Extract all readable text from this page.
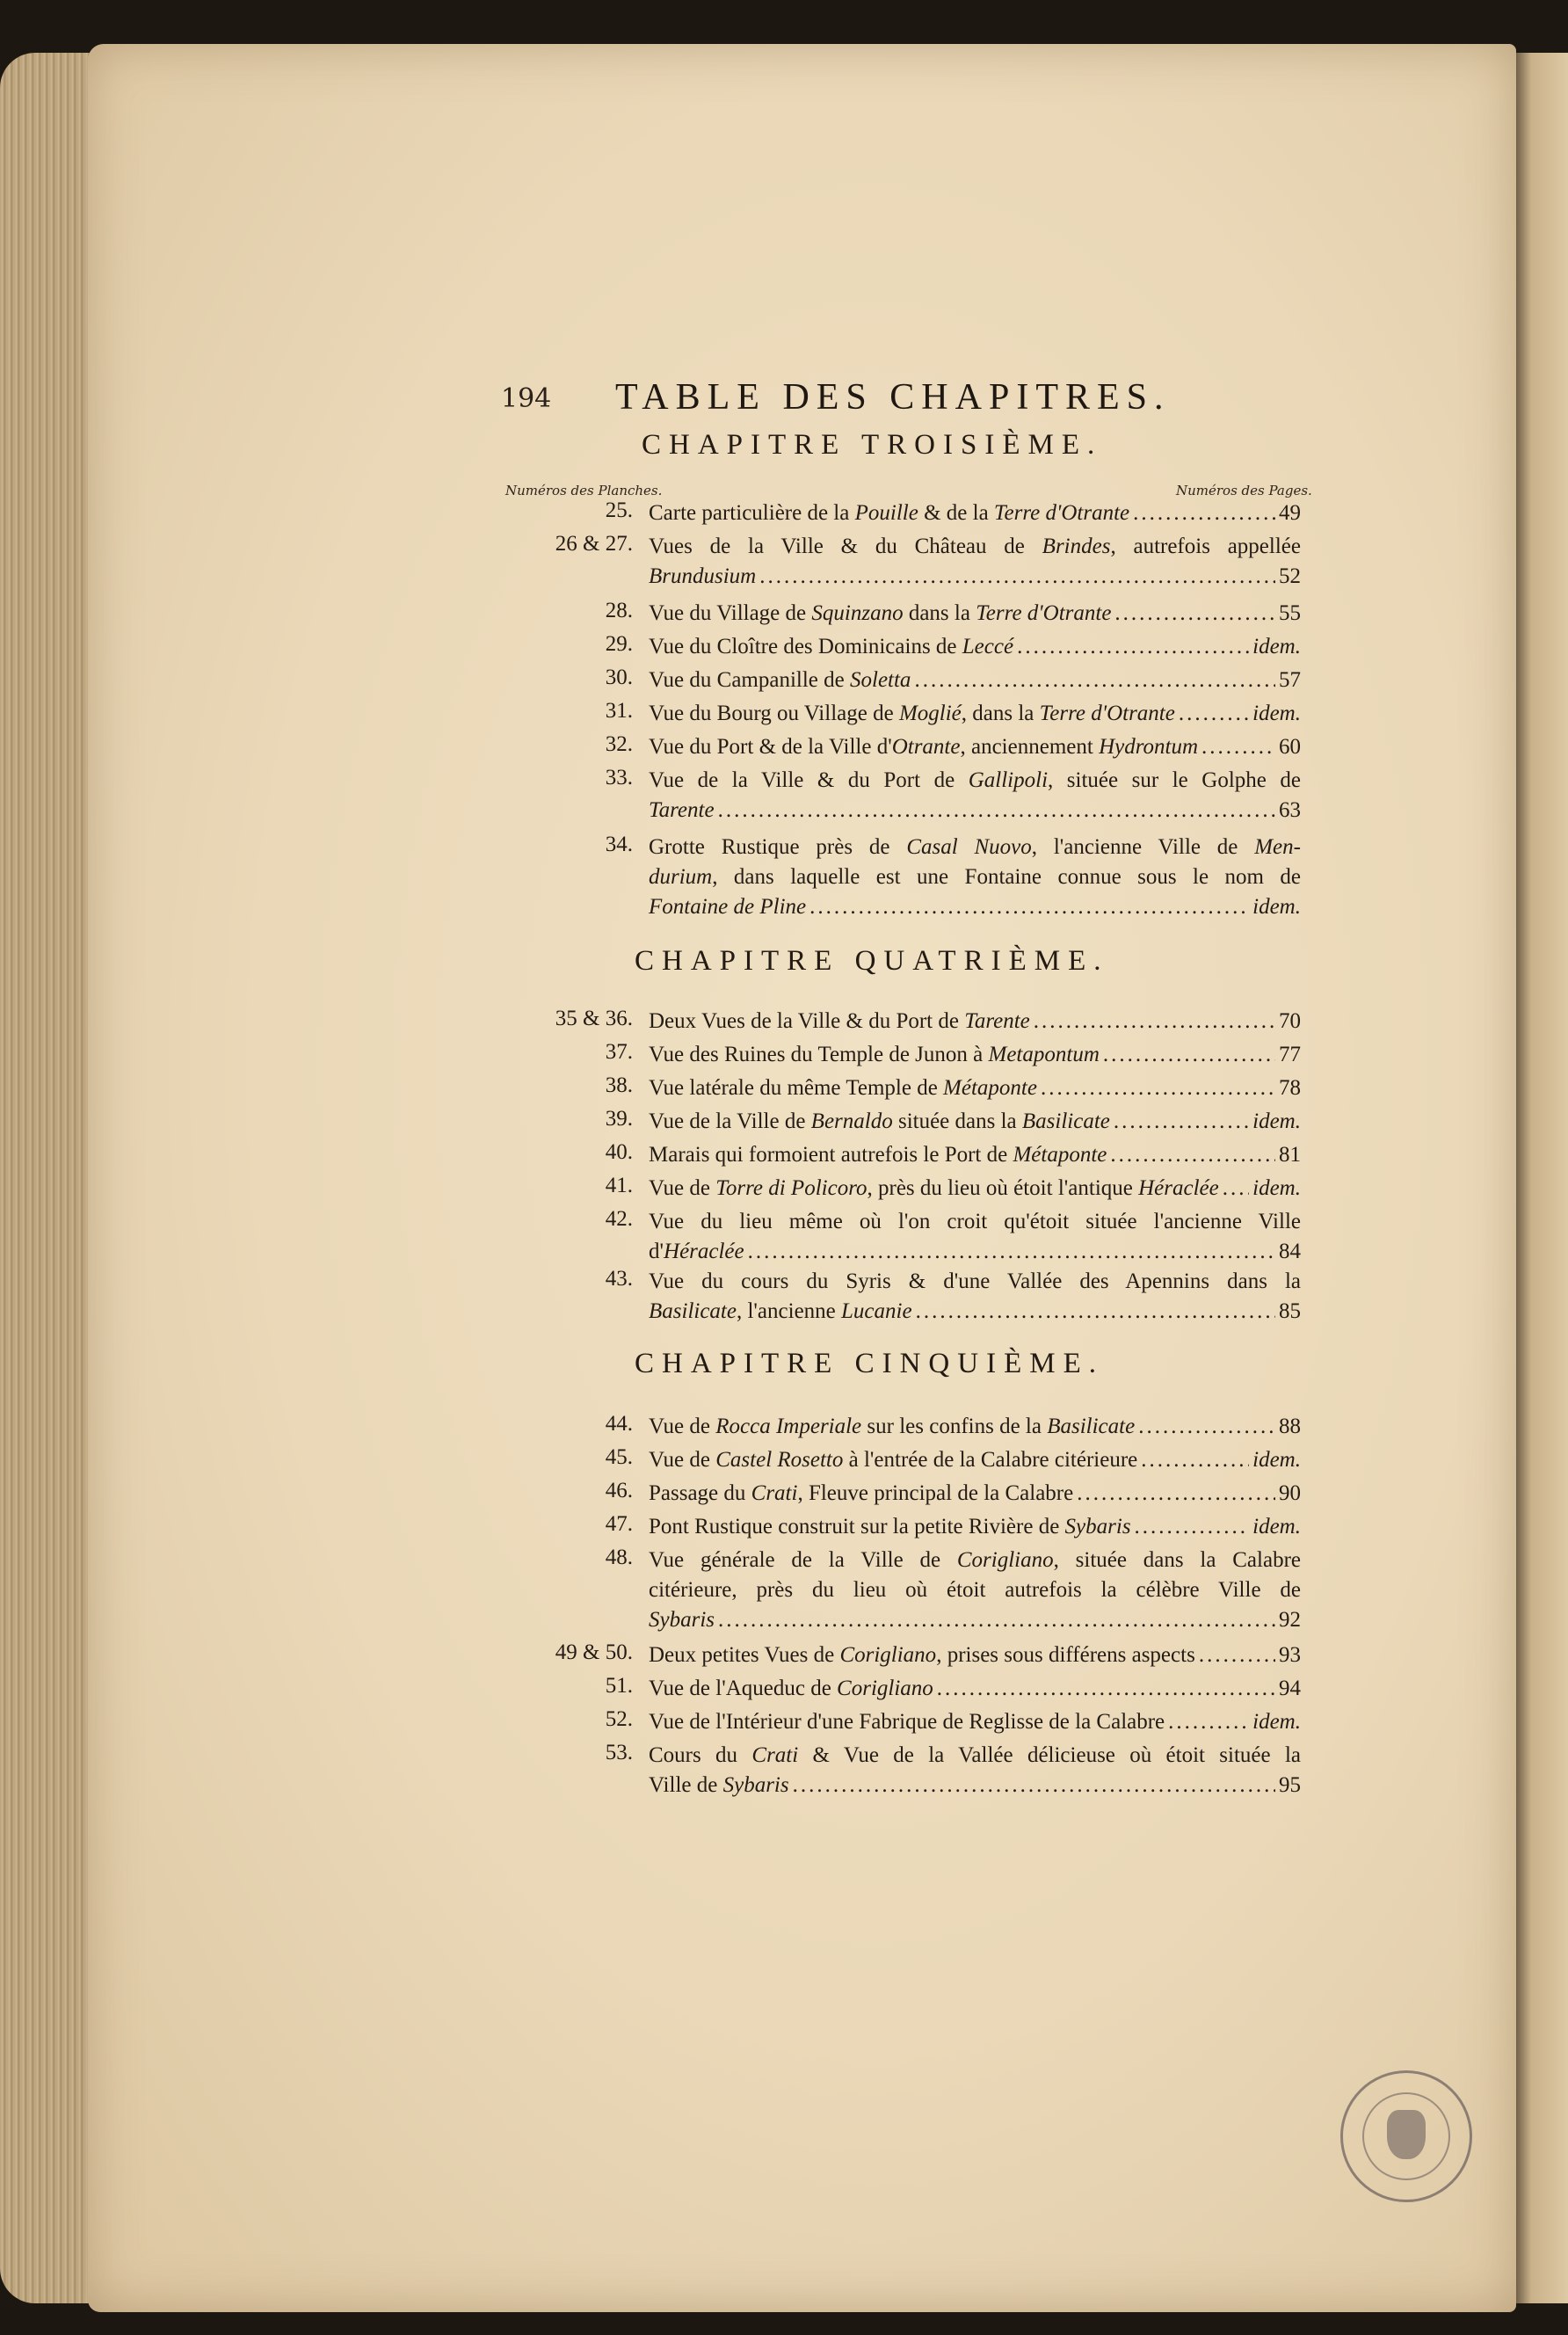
194 TABLE DES CHAPITRES.
CHAPITRE TROISIÈME.
Numéros des Planches.	Numéros des Pages.
CHAPITRE QUATRIÈME.
CHAPITRE CINQUIÈME.
25. Carte particulière de la Pouille & de la Terre d'Otrante .....	49
26 & 27. Vues de la Ville & du Château de Brindes, autrefois appellée
Brundusium .....	52
28. Vue du Village de Squinzano dans la Terre d'Otrante .....	55
29. Vue du Cloître des Dominicains de Leccé .....	idem.
30. Vue du Campanille de Soletta .....	57
31. Vue du Bourg ou Village de Moglié, dans la Terre d'Otrante .....	idem.
32. Vue du Port & de la Ville d'Otrante, anciennement Hydrontum .....	60
33. Vue de la Ville & du Port de Gallipoli, située sur le Golphe de
Tarente .....	63
34. Grotte Rustique près de Casal Nuovo, l'ancienne Ville de Men-
durium, dans laquelle est une Fontaine connue sous le nom de
Fontaine de Pline .....	idem.
35 & 36. Deux Vues de la Ville & du Port de Tarente .....	70
37. Vue des Ruines du Temple de Junon à Metapontum .....	77
38. Vue latérale du même Temple de Métaponte .....	78
39. Vue de la Ville de Bernaldo située dans la Basilicate .....	idem.
40. Marais qui formoient autrefois le Port de Métaponte .....	81
41. Vue de Torre di Policoro, près du lieu où étoit l'antique Héraclée ..... idem.
42. Vue du lieu même où l'on croit qu'étoit située l'ancienne Ville
d'Héraclée .....	84
43. Vue du cours du Syris & d'une Vallée des Apennins dans la
Basilicate, l'ancienne Lucanie .....	85
44. Vue de Rocca Imperiale sur les confins de la Basilicate .....	88
45. Vue de Castel Rosetto à l'entrée de la Calabre citérieure .....	idem.
46. Passage du Crati, Fleuve principal de la Calabre .....	90
47. Pont Rustique construit sur la petite Rivière de Sybaris .....	idem.
48. Vue générale de la Ville de Corigliano, située dans la Calabre
citérieure, près du lieu où étoit autrefois la célèbre Ville de
Sybaris .....	92
49 & 50. Deux petites Vues de Corigliano, prises sous différens aspects .....	93
51. Vue de l'Aqueduc de Corigliano .....	94
52. Vue de l'Intérieur d'une Fabrique de Reglisse de la Calabre .....	idem.
53. Cours du Crati & Vue de la Vallée délicieuse où étoit située la
Ville de Sybaris .....	95
